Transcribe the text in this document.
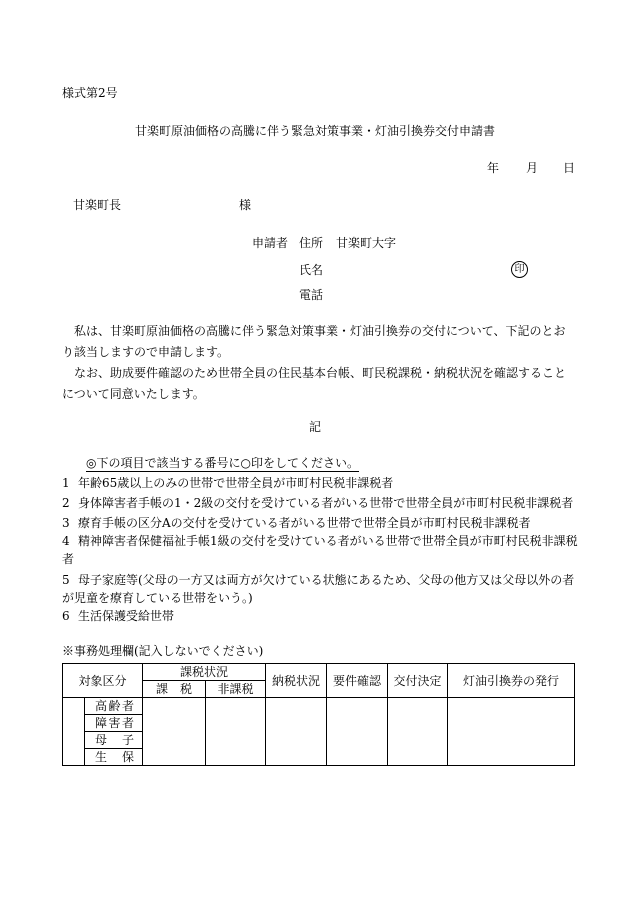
様式第2号
甘楽町原油価格の高騰に伴う緊急対策事業・灯油引換券交付申請書
年 月 日
甘楽町長	様
申請者 住所 甘楽町大字
氏名	印
電話

私は、甘楽町原油価格の高騰に伴う緊急対策事業・灯油引換券の交付について、下記のとおり該当しますので申請します。

なお、助成要件確認のため世帯全員の住民基本台帳、町民税課税・納税状況を確認することについて同意いたします。

記
◎下の項目で該当する番号に○印をしてください。
1 年齢65歳以上のみの世帯で世帯全員が市町村民税非課税者
2 身体障害者手帳の1・2級の交付を受けている者がいる世帯で世帯全員が市町村民税非課税者
3 療育手帳の区分Aの交付を受けている者がいる世帯で世帯全員が市町村民税非課税者
4 精神障害者保健福祉手帳1級の交付を受けている者がいる世帯で世帯全員が市町村民税非課税者
5 母子家庭等(父母の一方又は両方が欠けている状態にあるため、父母の他方又は父母以外の者が児童を療育している世帯をいう。)
6 生活保護受給世帯
※事務処理欄(記入しないでください)
対象区分		課税状況		納税状況	要件確認	交付決定	灯油引換券の発行
		課　税	非課税				
	高齢者						
	障害者						
	母子						
	生保						
